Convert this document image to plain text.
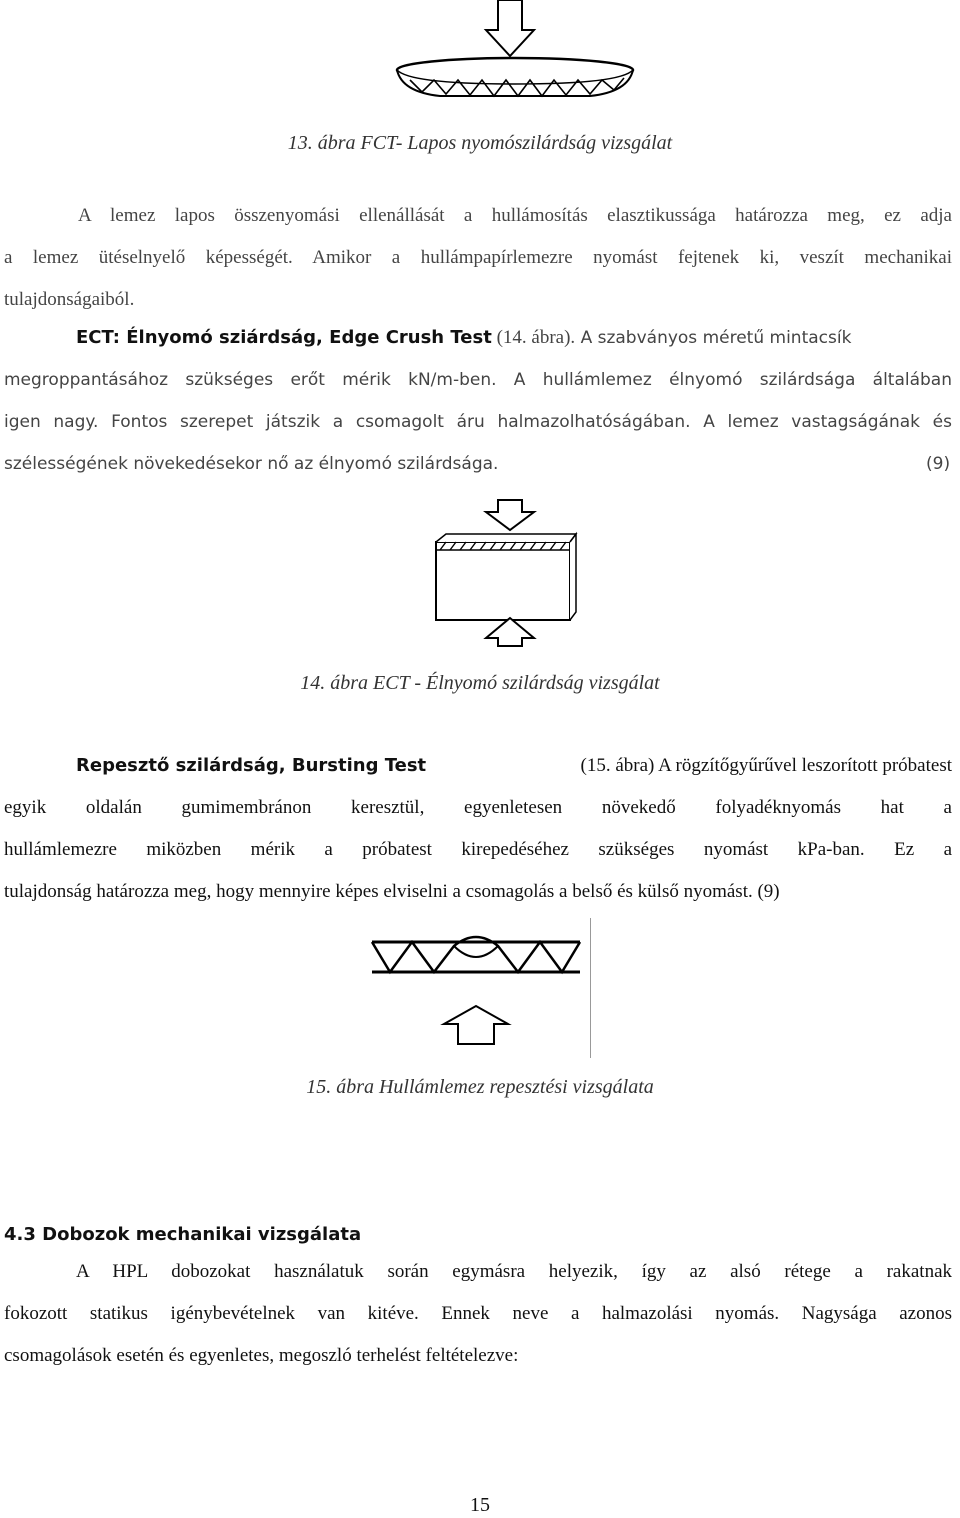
13. ábra FCT- Lapos nyomószilárdság vizsgálat
A lemez lapos összenyomási ellenállását a hullámosítás elasztikussága határozza meg, ez adja
a lemez ütéselnyelő képességét. Amikor a hullámpapírlemezre nyomást fejtenek ki, veszít mechanikai
tulajdonságaiból.
ECT: Élnyomó sziárdság, Edge Crush Test (14. ábra). A szabványos méretű mintacsík
megroppantásához szükséges erőt mérik kN/m-ben. A hullámlemez élnyomó szilárdsága általában
igen nagy. Fontos szerepet játszik a csomagolt áru halmazolhatóságában. A lemez vastagságának és
szélességének növekedésekor nő az élnyomó szilárdsága.	(9)
14. ábra ECT - Élnyomó szilárdság vizsgálat
Repesztő szilárdság, Bursting Test	(15. ábra) A rögzítőgyűrűvel leszorított próbatest
egyik oldalán gumimembránon keresztül, egyenletesen növekedő folyadéknyomás hat a
hullámlemezre miközben mérik a próbatest kirepedéséhez szükséges nyomást kPa-ban. Ez a
tulajdonság határozza meg, hogy mennyire képes elviselni a csomagolás a belső és külső nyomást. (9)
15. ábra Hullámlemez repesztési vizsgálata
4.3 Dobozok mechanikai vizsgálata
A HPL dobozokat használatuk során egymásra helyezik, így az alsó rétege a rakatnak
fokozott statikus igénybevételnek van kitéve. Ennek neve a halmazolási nyomás. Nagysága azonos
csomagolások esetén és egyenletes, megoszló terhelést feltételezve:
15
